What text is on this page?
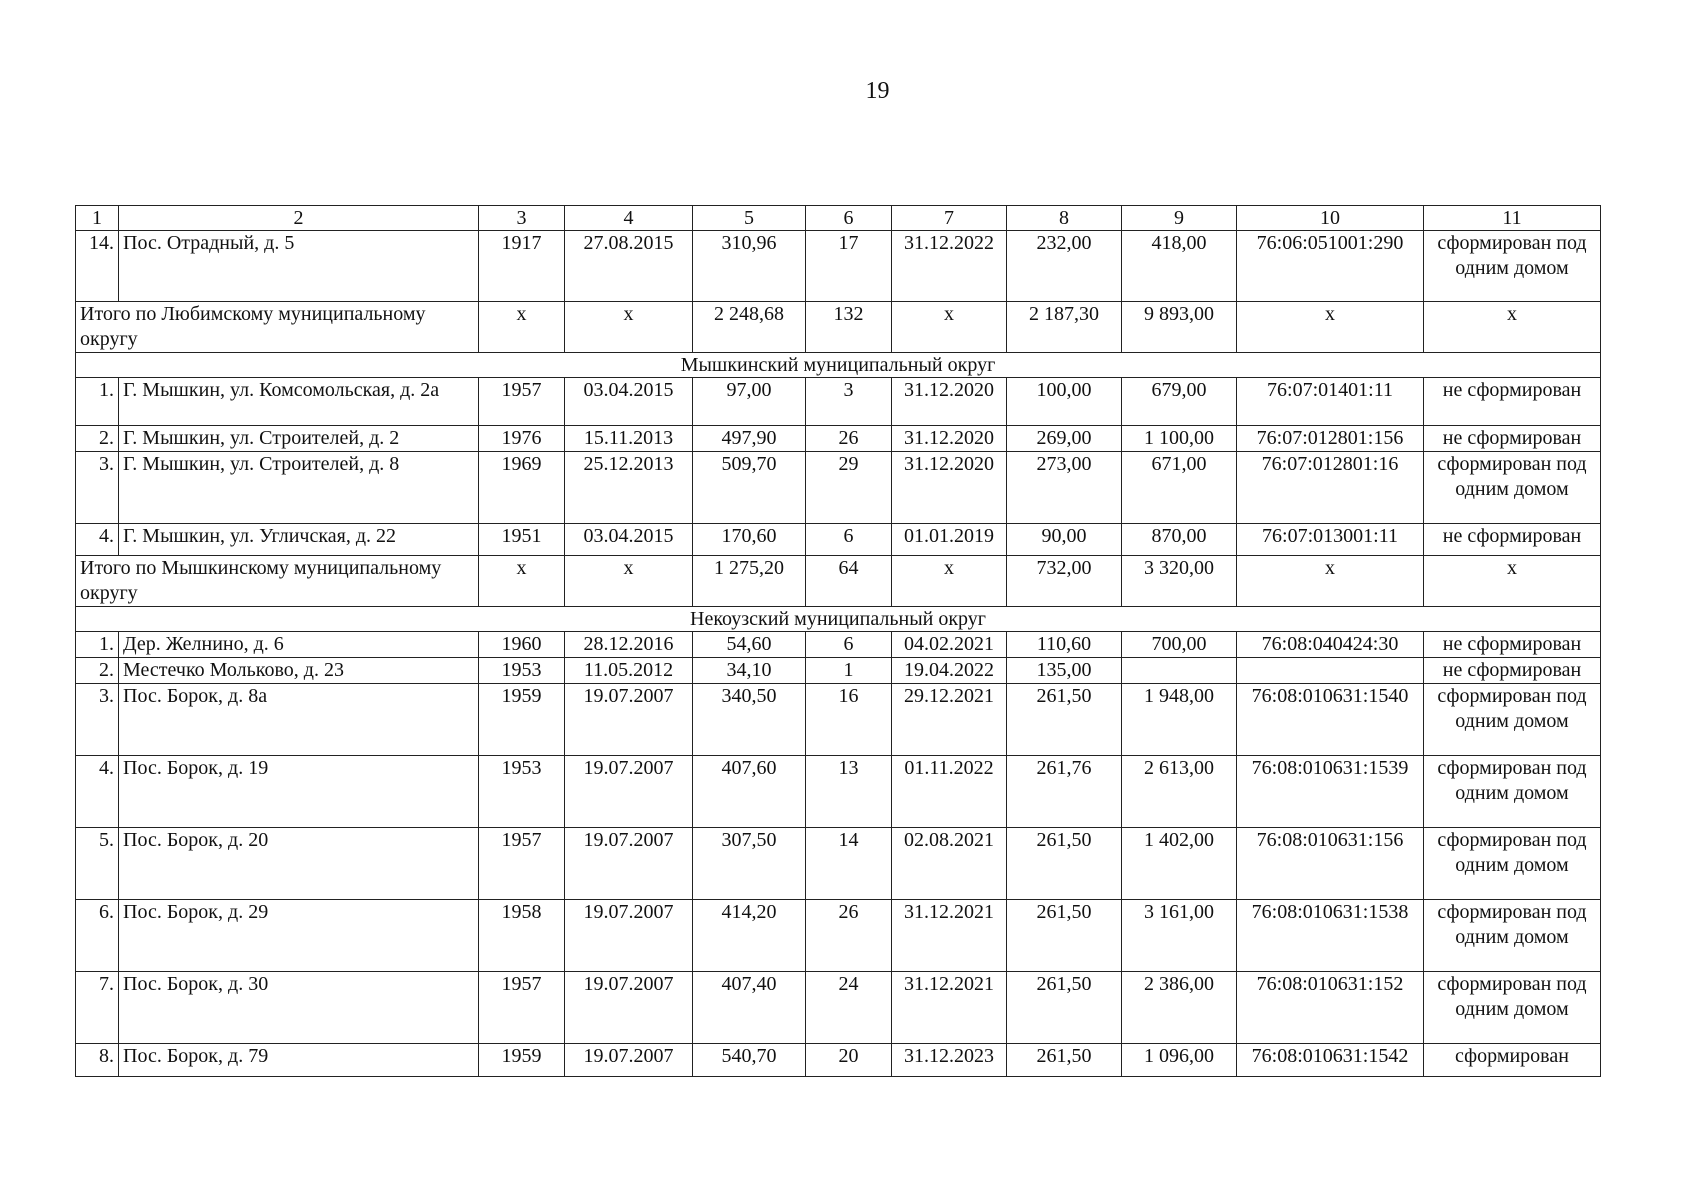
19
1	2	3	4	5	6	7	8	9	10	11
14.	Пос. Отрадный, д. 5	1917	27.08.2015	310,96	17	31.12.2022	232,00	418,00	76:06:051001:290	сформирован под одним домом
Итого по Любимскому муниципальному округу		х	х	2 248,68	132	х	2 187,30	9 893,00	х	х
Мышкинский муниципальный округ										
1.	Г. Мышкин, ул. Комсомольская, д. 2а	1957	03.04.2015	97,00	3	31.12.2020	100,00	679,00	76:07:01401:11	не сформирован
2.	Г. Мышкин, ул. Строителей, д. 2	1976	15.11.2013	497,90	26	31.12.2020	269,00	1 100,00	76:07:012801:156	не сформирован
3.	Г. Мышкин, ул. Строителей, д. 8	1969	25.12.2013	509,70	29	31.12.2020	273,00	671,00	76:07:012801:16	сформирован под одним домом
4.	Г. Мышкин, ул. Угличская, д. 22	1951	03.04.2015	170,60	6	01.01.2019	90,00	870,00	76:07:013001:11	не сформирован
Итого по Мышкинскому муниципальному округу		х	х	1 275,20	64	х	732,00	3 320,00	х	х
Некоузский муниципальный округ										
1.	Дер. Желнино, д. 6	1960	28.12.2016	54,60	6	04.02.2021	110,60	700,00	76:08:040424:30	не сформирован
2.	Местечко Мольково, д. 23	1953	11.05.2012	34,10	1	19.04.2022	135,00			не сформирован
3.	Пос. Борок, д. 8а	1959	19.07.2007	340,50	16	29.12.2021	261,50	1 948,00	76:08:010631:1540	сформирован под одним домом
4.	Пос. Борок, д. 19	1953	19.07.2007	407,60	13	01.11.2022	261,76	2 613,00	76:08:010631:1539	сформирован под одним домом
5.	Пос. Борок, д. 20	1957	19.07.2007	307,50	14	02.08.2021	261,50	1 402,00	76:08:010631:156	сформирован под одним домом
6.	Пос. Борок, д. 29	1958	19.07.2007	414,20	26	31.12.2021	261,50	3 161,00	76:08:010631:1538	сформирован под одним домом
7.	Пос. Борок, д. 30	1957	19.07.2007	407,40	24	31.12.2021	261,50	2 386,00	76:08:010631:152	сформирован под одним домом
8.	Пос. Борок, д. 79	1959	19.07.2007	540,70	20	31.12.2023	261,50	1 096,00	76:08:010631:1542	сформирован
